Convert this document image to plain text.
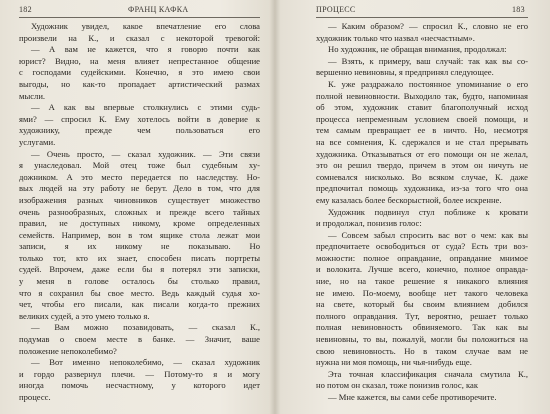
182	ФРАНЦ КАФКА
Художник увидел, какое впечатление его слова
произвели на К., и сказал с некоторой тревогой:
— А вам не кажется, что я говорю почти как
юрист? Видно, на меня влияет непрестанное общение
с господами судейскими. Конечно, я это имею свои
выгоды, но как-то пропадает артистический размах
мысли.
— А как вы впервые столкнулись с этими судь-
ями? — спросил К. Ему хотелось войти в доверие к
художнику, прежде чем пользоваться его
услугами.
— Очень просто, — сказал художник. — Эти связи
я унаследовал. Мой отец тоже был судебным ху-
дожником. А это место передается по наследству. Но-
вых людей на эту работу не берут. Дело в том, что для
изображения разных чиновников существует множество
очень разнообразных, сложных и прежде всего тайных
правил, не доступных никому, кроме определенных
семейств. Например, вон в том ящике стола лежат мои
записи, я их никому не показываю. Но
только тот, кто их знает, способен писать портреты
судей. Впрочем, даже если бы я потерял эти записки,
у меня в голове осталось бы столько правил,
что я сохранил бы свое место. Ведь каждый судья хо-
чет, чтобы его писали, как писали когда-то прежних
великих судей, а это умею только я.
— Вам можно позавидовать, — сказал К.,
подумав о своем месте в банке. — Значит, ваше
положение непоколебимо?
— Вот именно непоколебимо, — сказал художник
и гордо развернул плечи. — Потому-то я и могу
иногда помочь несчастному, у которого идет
процесс.
ПРОЦЕСС	183
— Каким образом? — спросил К., словно не его
художник только что назвал «несчастным».
Но художник, не обращая внимания, продолжал:
— Взять, к примеру, ваш случай: так как вы со-
вершенно невиновны, я предпринял следующее.
К. уже раздражало постоянное упоминание о его
полной невиновности. Выходило так, будто, напоминая
об этом, художник ставит благополучный исход
процесса непременным условием своей помощи, и
тем самым превращает ее в ничто. Но, несмотря
на все сомнения, К. сдержался и не стал прерывать
художника. Отказываться от его помощи он не желал,
это он решил твердо, причем в этом он ничуть не
сомневался нисколько. Во всяком случае, К. даже
предпочитал помощь художника, из-за того что она
ему казалась более бескорыстной, более искренне.
Художник подвинул стул поближе к кровати
и продолжал, понизив голос:
— Совсем забыл спросить вас вот о чем: как вы
предпочитаете освободиться от суда? Есть три воз-
можности: полное оправдание, оправдание мнимое
и волокита. Лучше всего, конечно, полное оправда-
ние, но на такое решение я никакого влияния
не имею. По-моему, вообще нет такого человека
на свете, который бы своим влиянием добился
полного оправдания. Тут, вероятно, решает только
полная невиновность обвиняемого. Так как вы
невиновны, то вы, пожалуй, могли бы положиться на
свою невиновность. Но в таком случае вам не
нужна ни моя помощь, ни чья-нибудь еще.
Эта точная классификация сначала смутила К.,
но потом он сказал, тоже понизив голос, как
— Мне кажется, вы сами себе противоречите.
